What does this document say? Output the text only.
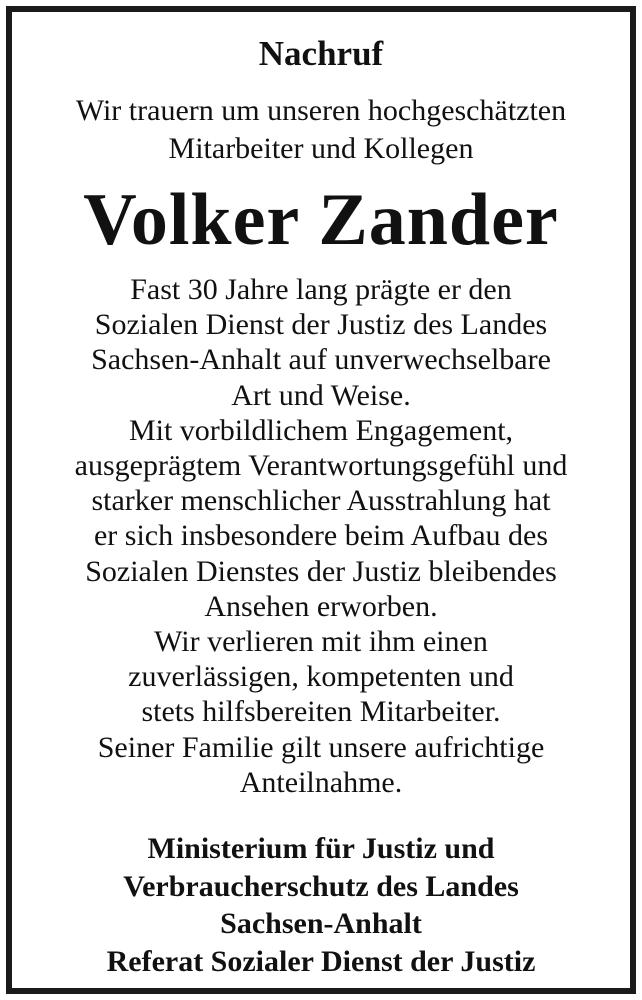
Nachruf
Wir trauern um unseren hochgeschätzten
Mitarbeiter und Kollegen
Volker Zander
Fast 30 Jahre lang prägte er den
Sozialen Dienst der Justiz des Landes
Sachsen-Anhalt auf unverwechselbare
Art und Weise.
Mit vorbildlichem Engagement,
ausgeprägtem Verantwortungsgefühl und
starker menschlicher Ausstrahlung hat
er sich insbesondere beim Aufbau des
Sozialen Dienstes der Justiz bleibendes
Ansehen erworben.
Wir verlieren mit ihm einen
zuverlässigen, kompetenten und
stets hilfsbereiten Mitarbeiter.
Seiner Familie gilt unsere aufrichtige
Anteilnahme.
Ministerium für Justiz und
Verbraucherschutz des Landes
Sachsen-Anhalt
Referat Sozialer Dienst der Justiz
